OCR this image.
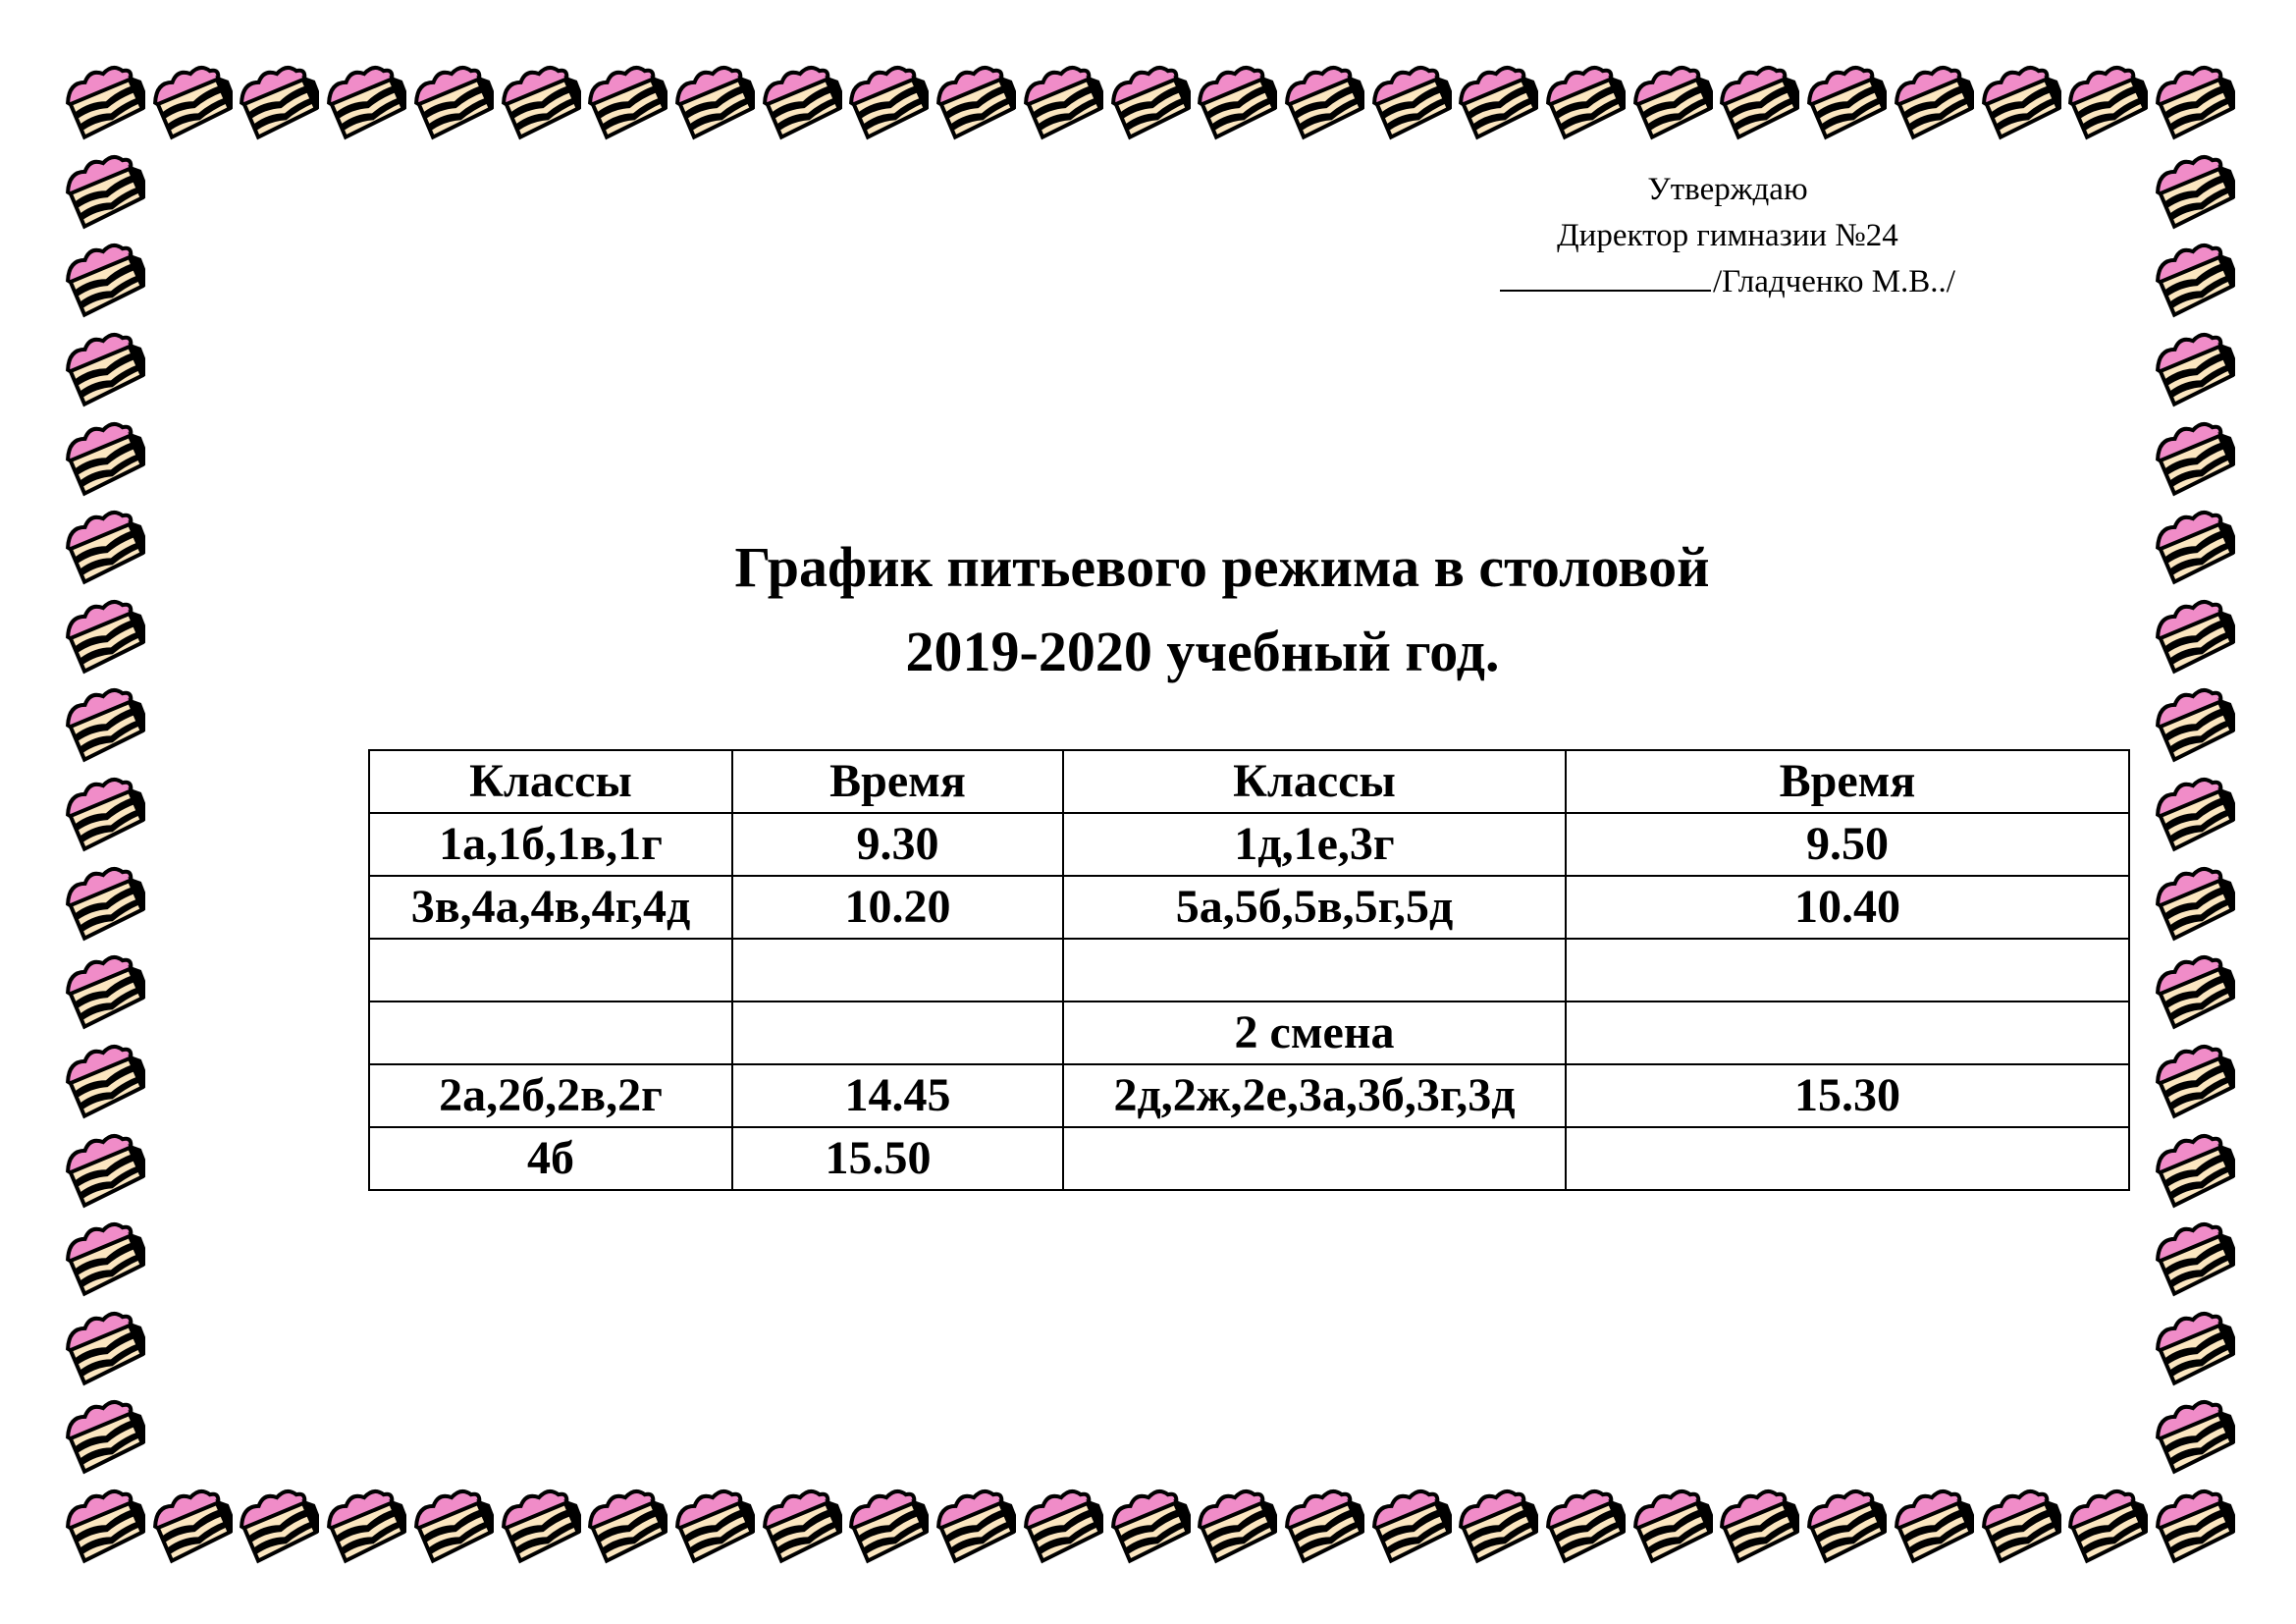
Утверждаю
Директор гимназии №24
/Гладченко М.В../
График питьевого режима в столовой
2019-2020 учебный год.
Классы	Время	Классы	Время
1а,1б,1в,1г	9.30	1д,1е,3г	9.50
3в,4а,4в,4г,4д	10.20	5а,5б,5в,5г,5д	10.40

		2 смена	
2а,2б,2в,2г	14.45	2д,2ж,2е,3а,3б,3г,3д	15.30
4б	15.50		
